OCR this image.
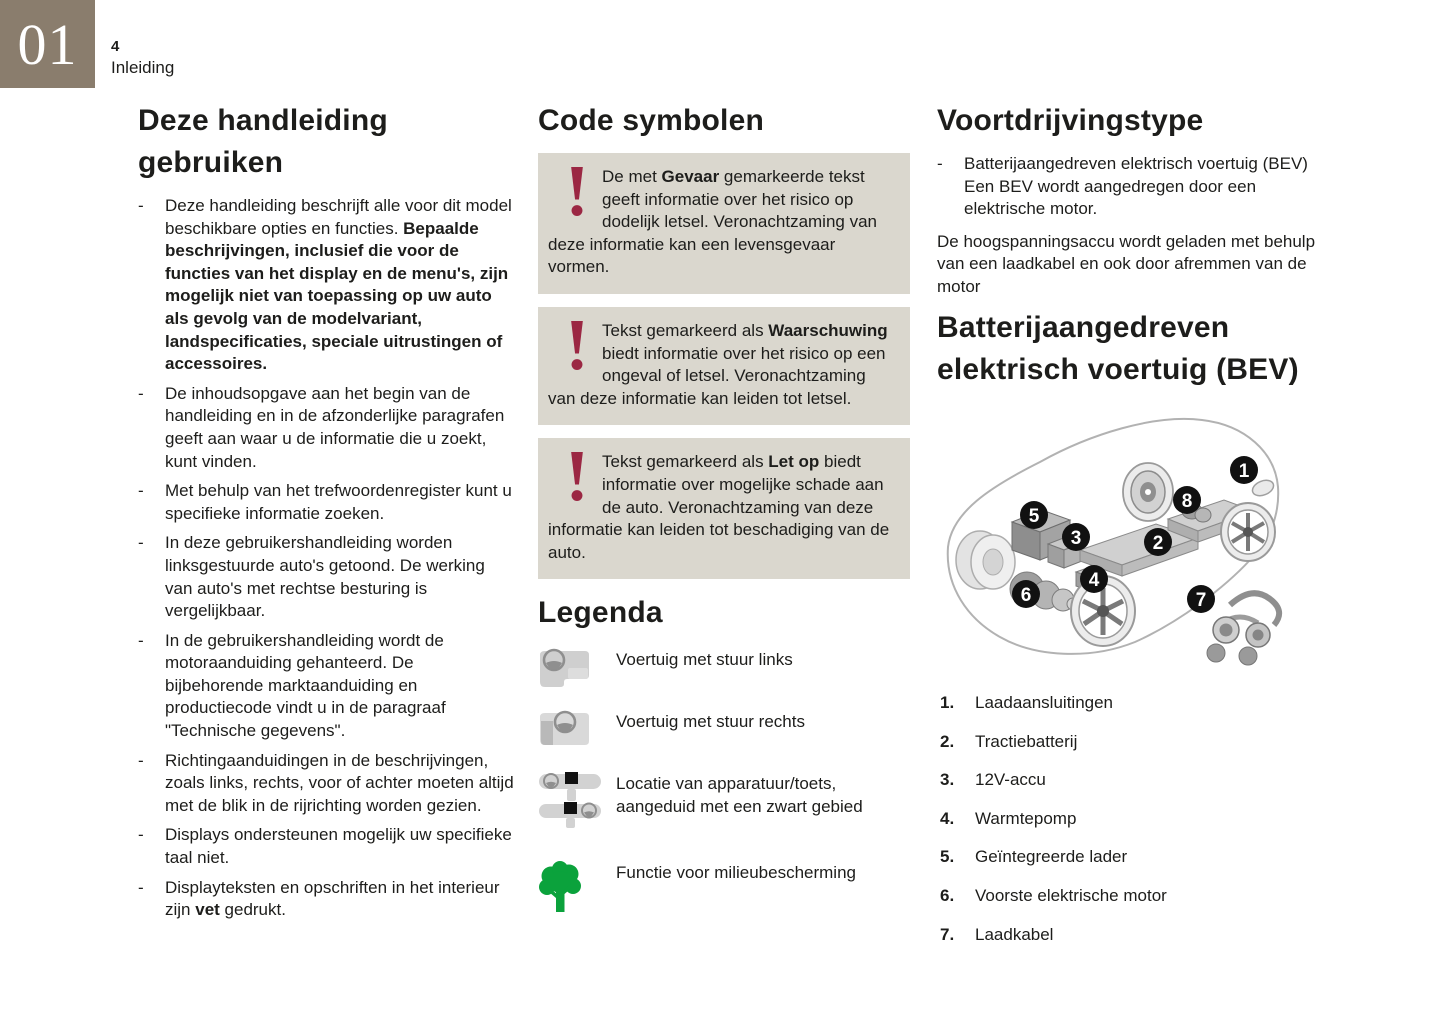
01 4
Inleiding
Deze handleiding gebruiken
-	Deze handleiding beschrijft alle voor dit model beschikbare opties en functies. Bepaalde beschrijvingen, inclusief die voor de functies van het display en de menu's, zijn mogelijk niet van toepassing op uw auto als gevolg van de modelvariant, landspecificaties, speciale uitrustingen of accessoires.
-	De inhoudsopgave aan het begin van de handleiding en in de afzonderlijke paragrafen geeft aan waar u de informatie die u zoekt, kunt vinden.
-	Met behulp van het trefwoordenregister kunt u specifieke informatie zoeken.
-	In deze gebruikershandleiding worden linksgestuurde auto's getoond. De werking van auto's met rechtse besturing is vergelijkbaar.
-	In de gebruikershandleiding wordt de motoraanduiding gehanteerd. De bijbehorende marktaanduiding en productiecode vindt u in de paragraaf "Technische gegevens".
-	Richtingaanduidingen in de beschrijvingen, zoals links, rechts, voor of achter moeten altijd met de blik in de rijrichting worden gezien.
-	Displays ondersteunen mogelijk uw specifieke taal niet.
-	Displayteksten en opschriften in het interieur zijn vet gedrukt.
Code symbolen
De met Gevaar gemarkeerde tekst geeft informatie over het risico op dodelijk letsel. Veronachtzaming van deze informatie kan een levensgevaar vormen.
Tekst gemarkeerd als Waarschuwing biedt informatie over het risico op een ongeval of letsel. Veronachtzaming van deze informatie kan leiden tot letsel.
Tekst gemarkeerd als Let op biedt informatie over mogelijke schade aan de auto. Veronachtzaming van deze informatie kan leiden tot beschadiging van de auto.
Legenda
Voertuig met stuur links
Voertuig met stuur rechts
Locatie van apparatuur/toets, aangeduid met een zwart gebied
Functie voor milieubescherming
Voortdrijvingstype
-	Batterijaangedreven elektrisch voertuig (BEV) Een BEV wordt aangedregen door een elektrische motor.
De hoogspanningsaccu wordt geladen met behulp van een laadkabel en ook door afremmen van de motor
Batterijaangedreven elektrisch voertuig (BEV)
1
8
5
3	2
4
6	7
1.	Laadaansluitingen
2.	Tractiebatterij
3.	12V-accu
4.	Warmtepomp
5.	Geïntegreerde lader
6.	Voorste elektrische motor
7.	Laadkabel
